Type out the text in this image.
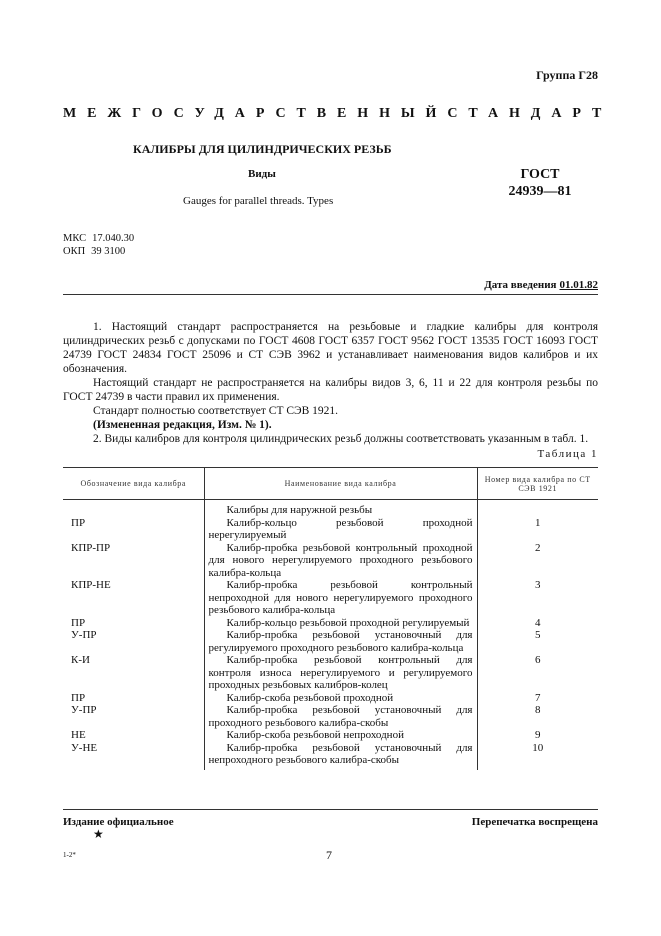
Группа Г28
МЕЖГОСУДАРСТВЕННЫЙ СТАНДАРТ
КАЛИБРЫ ДЛЯ ЦИЛИНДРИЧЕСКИХ РЕЗЬБ
Виды	ГОСТ
24939—81
Gauges for parallel threads. Types
МКС 17.040.30
ОКП 39 3100
Дата введения 01.01.82

1. Настоящий стандарт распространяется на резьбовые и гладкие калибры для контроля цилиндрических резьб с допусками по ГОСТ 4608 ГОСТ 6357 ГОСТ 9562 ГОСТ 13535 ГОСТ 16093 ГОСТ 24739 ГОСТ 24834 ГОСТ 25096 и СТ СЭВ 3962 и устанавливает наименования видов калибров и их обозначения.

Настоящий стандарт не распространяется на калибры видов 3, 6, 11 и 22 для контроля резьбы по ГОСТ 24739 в части правил их применения.

Стандарт полностью соответствует СТ СЭВ 1921.

(Измененная редакция, Изм. № 1).

2. Виды калибров для контроля цилиндрических резьб должны соответствовать указанным в табл. 1.

Таблица 1
Обозначение вида калибра	Наименование вида калибра	Номер вида калибра по СТ СЭВ 1921

	Калибры для наружной резьбы	

ПР	Калибр-кольцо резьбовой проходной нерегулируемый	1
КПР-ПР	Калибр-пробка резьбовой контрольный проходной для нового нерегулируемого проходного резьбового калибра-кольца	2
КПР-НЕ	Калибр-пробка резьбовой контрольный непроходной для нового нерегулируемого проходного резьбового калибра-кольца	3
ПР	Калибр-кольцо резьбовой проходной регулируемый	4
У-ПР	Калибр-пробка резьбовой установочный для регулируемого проходного резьбового калибра-кольца	5
К-И	Калибр-пробка резьбовой контрольный для контроля износа нерегулируемого и регулируемого проходных резьбовых калибров-колец	6
ПР	Калибр-скоба резьбовой проходной	7
У-ПР	Калибр-пробка резьбовой установочный для проходного резьбового калибра-скобы	8
НЕ	Калибр-скоба резьбовой непроходной	9
У-НЕ	Калибр-пробка резьбовой установочный для непроходного резьбового калибра-скобы	10
Издание официальное
★
Перепечатка воспрещена
1-2*	7
